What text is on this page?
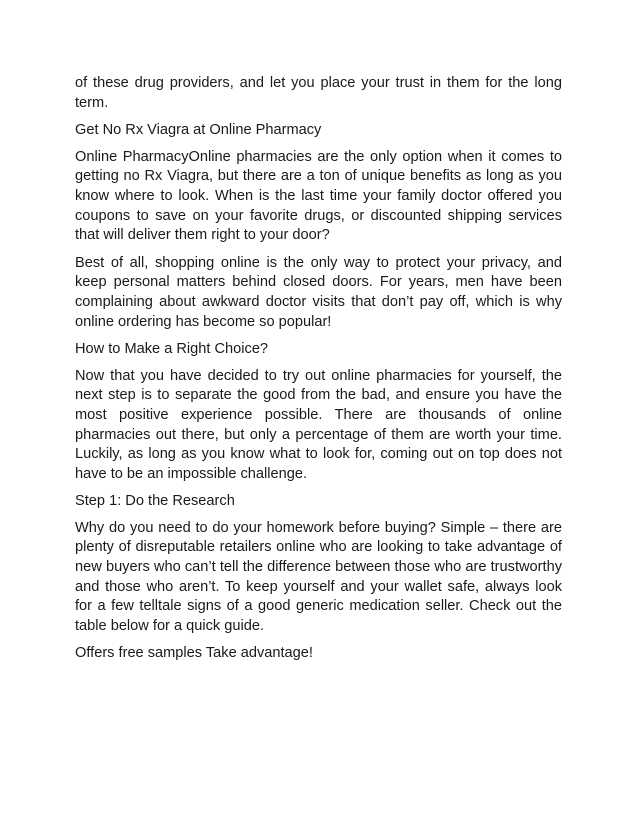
of these drug providers, and let you place your trust in them for the long term.

Get No Rx Viagra at Online Pharmacy

Online PharmacyOnline pharmacies are the only option when it comes to getting no Rx Viagra, but there are a ton of unique benefits as long as you know where to look. When is the last time your family doctor offered you coupons to save on your favorite drugs, or discounted shipping services that will deliver them right to your door?

Best of all, shopping online is the only way to protect your privacy, and keep personal matters behind closed doors. For years, men have been complaining about awkward doctor visits that don’t pay off, which is why online ordering has become so popular!

How to Make a Right Choice?

Now that you have decided to try out online pharmacies for yourself, the next step is to separate the good from the bad, and ensure you have the most positive experience possible. There are thousands of online pharmacies out there, but only a percentage of them are worth your time. Luckily, as long as you know what to look for, coming out on top does not have to be an impossible challenge.

Step 1: Do the Research

Why do you need to do your homework before buying? Simple – there are plenty of disreputable retailers online who are looking to take advantage of new buyers who can’t tell the difference between those who are trustworthy and those who aren’t. To keep yourself and your wallet safe, always look for a few telltale signs of a good generic medication seller. Check out the table below for a quick guide.

Offers free samples Take advantage!
